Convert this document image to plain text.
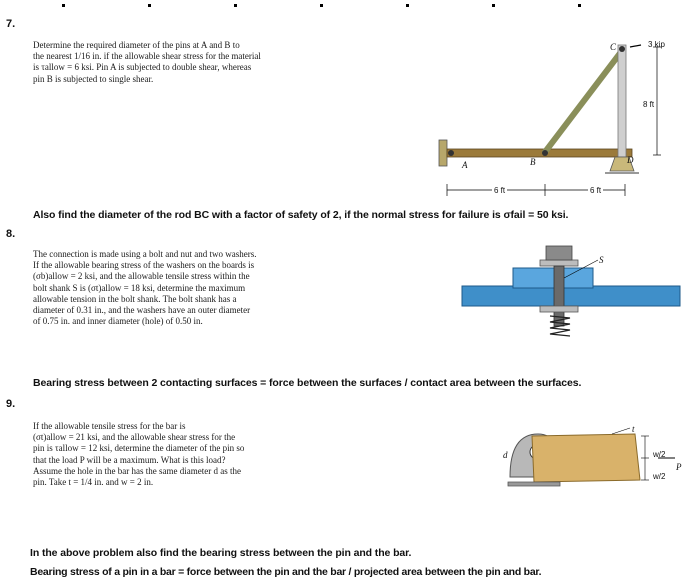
7.
Determine the required diameter of the pins at A and B to
the nearest 1/16 in. if the allowable shear stress for the material
is τallow = 6 ksi. Pin A is subjected to double shear, whereas
pin B is subjected to single shear.
3 kip
C
A	B	D
8 ft
6 ft	6 ft
Also find the diameter of the rod BC with a factor of safety of 2, if the normal stress for failure is σfail = 50 ksi.
8.
The connection is made using a bolt and nut and two washers.
If the allowable bearing stress of the washers on the boards is
(σb)allow = 2 ksi, and the allowable tensile stress within the
bolt shank S is (σt)allow = 18 ksi, determine the maximum
allowable tension in the bolt shank. The bolt shank has a
diameter of 0.31 in., and the washers have an outer diameter
of 0.75 in. and inner diameter (hole) of 0.50 in.
S
Bearing stress between 2 contacting surfaces = force between the surfaces / contact area between the surfaces.
9.
If the allowable tensile stress for the bar is
(σt)allow = 21 ksi, and the allowable shear stress for the
pin is τallow = 12 ksi, determine the diameter of the pin so
that the load P will be a maximum. What is this load?
Assume the hole in the bar has the same diameter d as the
pin. Take t = 1/4 in. and w = 2 in.
d
t
w/2
w/2
P
In the above problem also find the bearing stress between the pin and the bar.
Bearing stress of a pin in a bar = force between the pin and the bar / projected area between the pin and bar.
